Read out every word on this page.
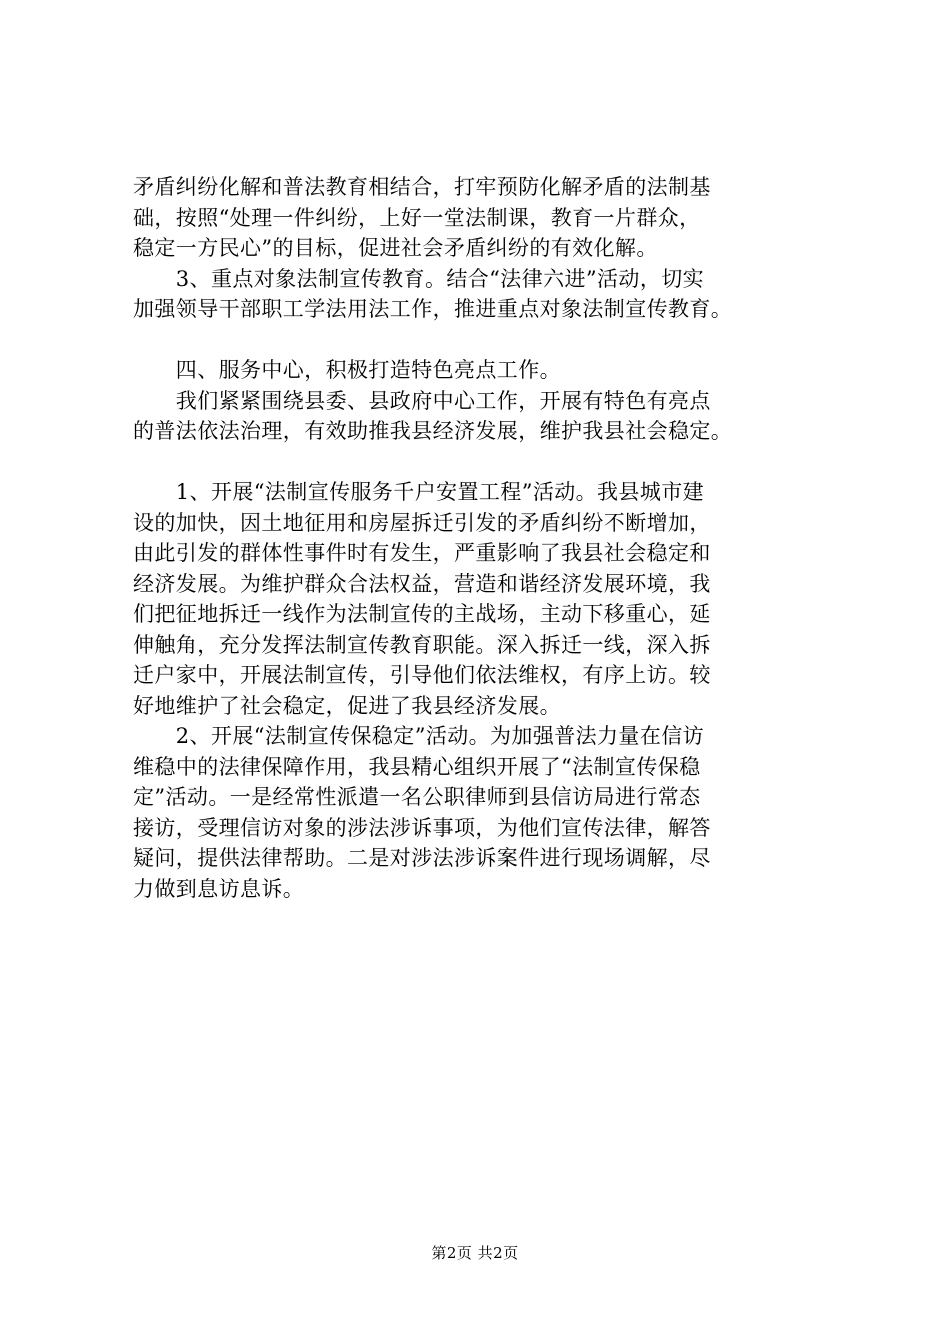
矛盾纠纷化解和普法教育相结合，打牢预防化解矛盾的法制基
础，按照“处理一件纠纷，上好一堂法制课，教育一片群众，
稳定一方民心”的目标，促进社会矛盾纠纷的有效化解。
　　3、重点对象法制宣传教育。结合“法律六进”活动，切实
加强领导干部职工学法用法工作，推进重点对象法制宣传教育。
　　四、服务中心，积极打造特色亮点工作。
　　我们紧紧围绕县委、县政府中心工作，开展有特色有亮点
的普法依法治理，有效助推我县经济发展，维护我县社会稳定。
　　1、开展“法制宣传服务千户安置工程”活动。我县城市建
设的加快，因土地征用和房屋拆迁引发的矛盾纠纷不断增加，
由此引发的群体性事件时有发生，严重影响了我县社会稳定和
经济发展。为维护群众合法权益，营造和谐经济发展环境，我
们把征地拆迁一线作为法制宣传的主战场，主动下移重心，延
伸触角，充分发挥法制宣传教育职能。深入拆迁一线，深入拆
迁户家中，开展法制宣传，引导他们依法维权，有序上访。较
好地维护了社会稳定，促进了我县经济发展。
　　2、开展“法制宣传保稳定”活动。为加强普法力量在信访
维稳中的法律保障作用，我县精心组织开展了“法制宣传保稳
定”活动。一是经常性派遣一名公职律师到县信访局进行常态
接访，受理信访对象的涉法涉诉事项，为他们宣传法律，解答
疑问，提供法律帮助。二是对涉法涉诉案件进行现场调解，尽
力做到息访息诉。
第2页 共2页
